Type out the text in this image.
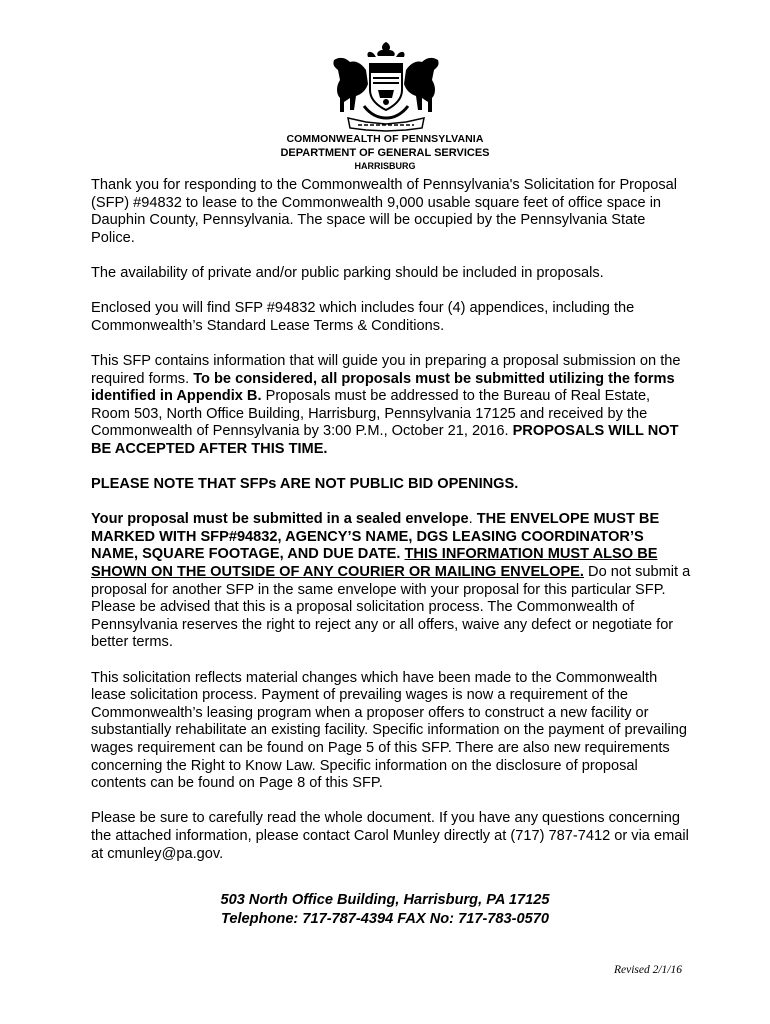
COMMONWEALTH OF PENNSYLVANIA
DEPARTMENT OF GENERAL SERVICES
HARRISBURG

Thank you for responding to the Commonwealth of Pennsylvania's Solicitation for Proposal (SFP) #94832 to lease to the Commonwealth 9,000 usable square feet of office space in Dauphin County, Pennsylvania. The space will be occupied by the Pennsylvania State Police.

The availability of private and/or public parking should be included in proposals.

Enclosed you will find SFP #94832 which includes four (4) appendices, including the Commonwealth’s Standard Lease Terms & Conditions.

This SFP contains information that will guide you in preparing a proposal submission on the required forms. To be considered, all proposals must be submitted utilizing the forms identified in Appendix B. Proposals must be addressed to the Bureau of Real Estate, Room 503, North Office Building, Harrisburg, Pennsylvania 17125 and received by the Commonwealth of Pennsylvania by 3:00 P.M., October 21, 2016. PROPOSALS WILL NOT BE ACCEPTED AFTER THIS TIME.

PLEASE NOTE THAT SFPs ARE NOT PUBLIC BID OPENINGS.

Your proposal must be submitted in a sealed envelope. THE ENVELOPE MUST BE MARKED WITH SFP#94832, AGENCY’S NAME, DGS LEASING COORDINATOR’S NAME, SQUARE FOOTAGE, AND DUE DATE. THIS INFORMATION MUST ALSO BE SHOWN ON THE OUTSIDE OF ANY COURIER OR MAILING ENVELOPE. Do not submit a proposal for another SFP in the same envelope with your proposal for this particular SFP. Please be advised that this is a proposal solicitation process. The Commonwealth of Pennsylvania reserves the right to reject any or all offers, waive any defect or negotiate for better terms.

This solicitation reflects material changes which have been made to the Commonwealth lease solicitation process. Payment of prevailing wages is now a requirement of the Commonwealth’s leasing program when a proposer offers to construct a new facility or substantially rehabilitate an existing facility. Specific information on the payment of prevailing wages requirement can be found on Page 5 of this SFP. There are also new requirements concerning the Right to Know Law. Specific information on the disclosure of proposal contents can be found on Page 8 of this SFP.

Please be sure to carefully read the whole document. If you have any questions concerning the attached information, please contact Carol Munley directly at (717) 787-7412 or via email at cmunley@pa.gov.

503 North Office Building, Harrisburg, PA 17125
Telephone: 717-787-4394 FAX No: 717-783-0570
Revised 2/1/16
